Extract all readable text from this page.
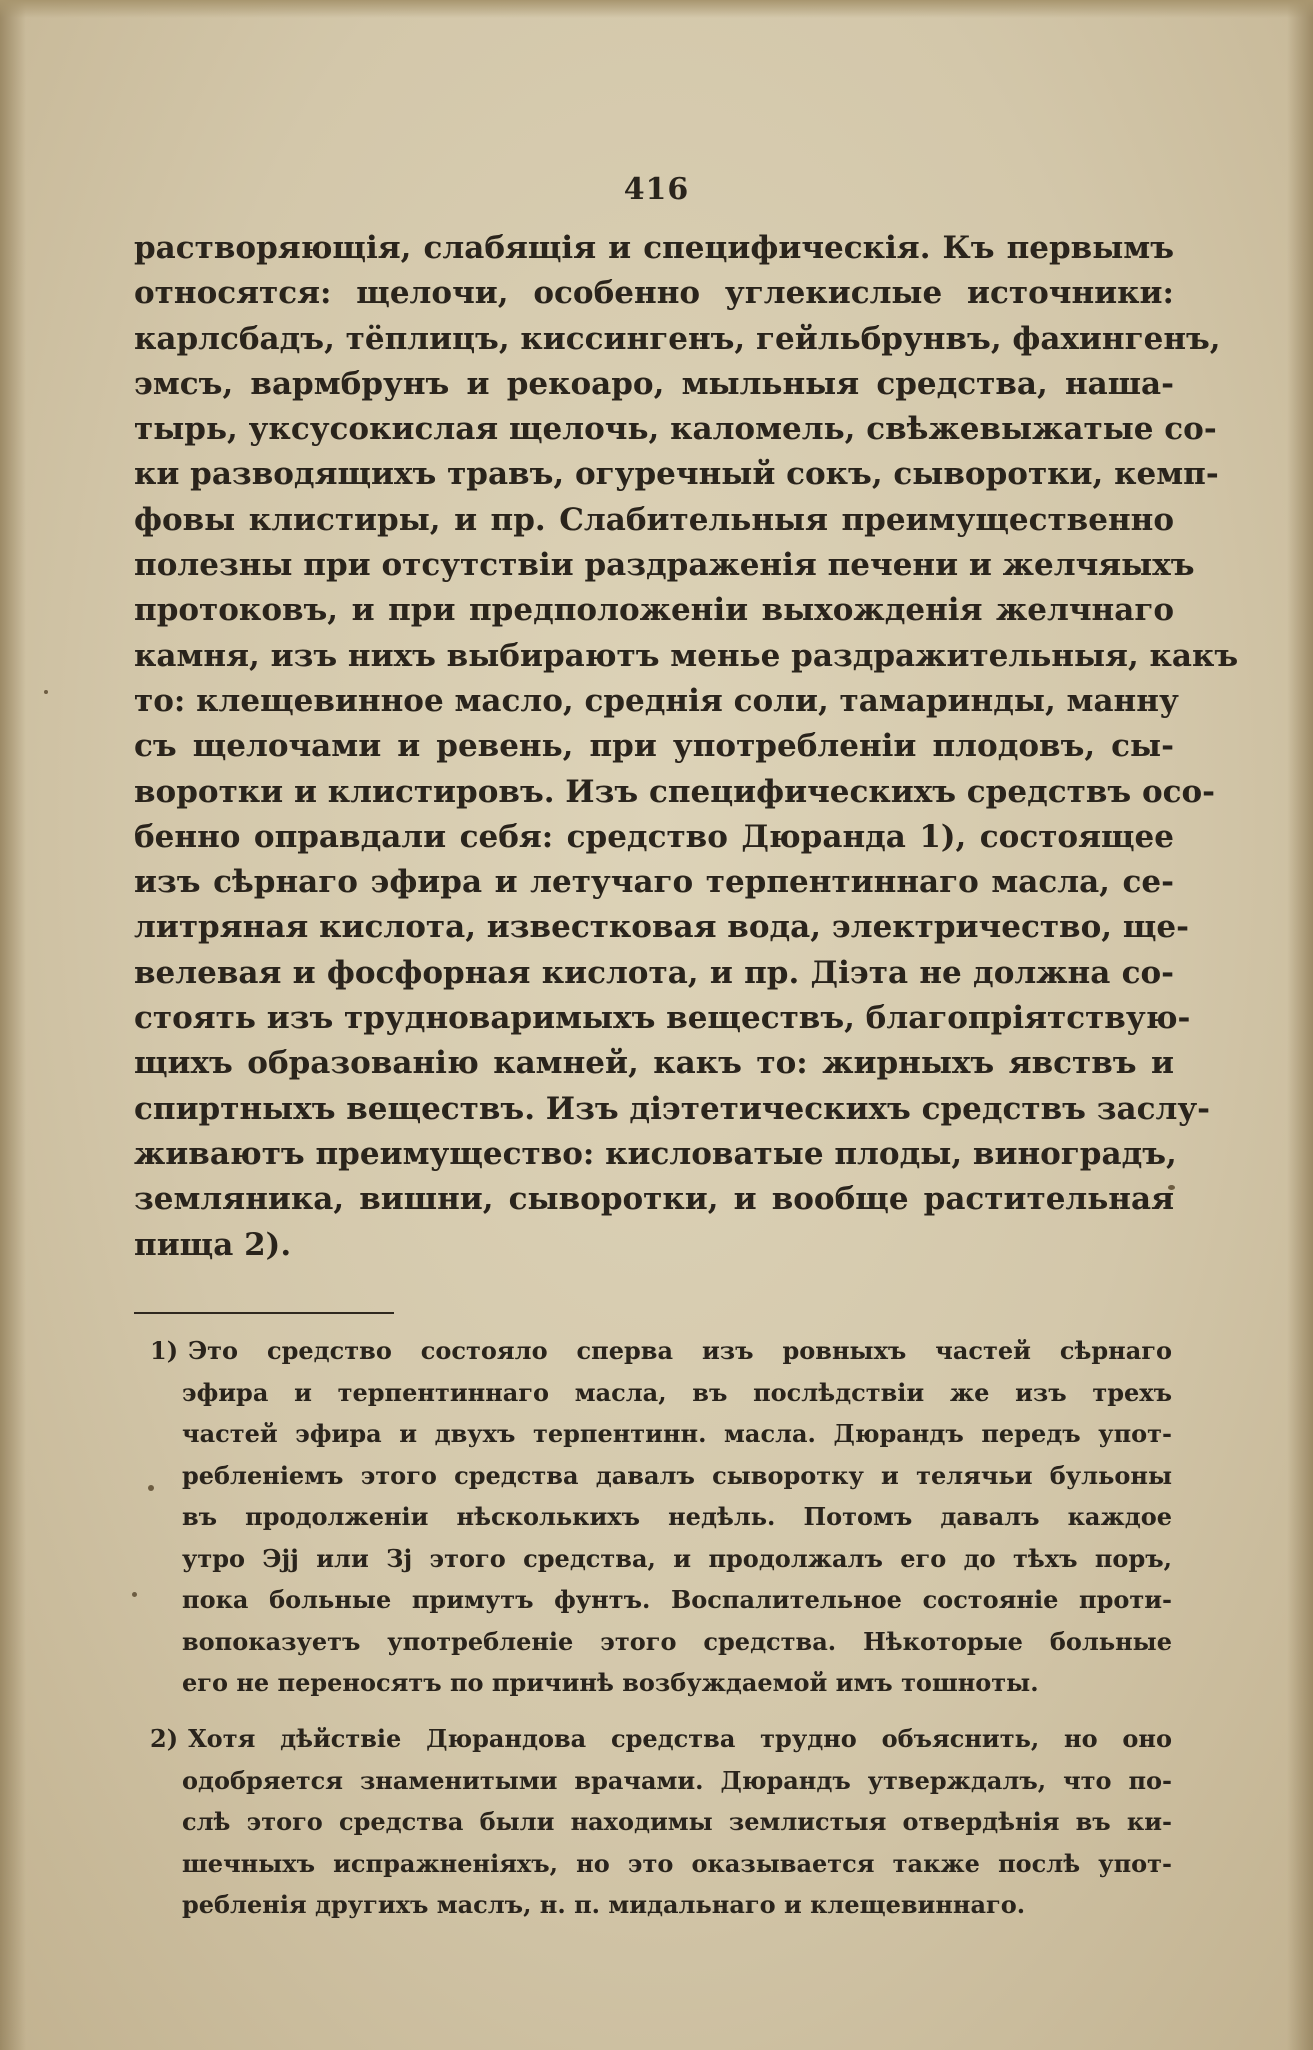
416
растворяющія, слабящія и специфическія. Къ первымъ
относятся: щелочи, особенно углекислые источники:
карлсбадъ, тёплицъ, киссингенъ, гейльбрунвъ, фахингенъ,
эмсъ, вармбрунъ и рекоаро, мыльныя средства, нашa-
тырь, уксусокислая щелочь, каломель, свѣжевыжатые со-
ки разводящихъ травъ, огуречный сокъ, сыворотки, кемп-
фовы клистиры, и пр. Слабительныя преимущественно
полезны при отсутствіи раздраженія печени и желчяыхъ
протоковъ, и при предположеніи выхожденія желчнаго
камня, изъ нихъ выбираютъ менье раздражительныя, какъ
то: клещевинное масло, среднія соли, тамаринды, манну
съ щелочами и ревень, при употребленіи плодовъ, сы-
воротки и клистировъ. Изъ специфическихъ средствъ осо-
бенно оправдали себя: средство Дюранда 1), состоящее
изъ сѣрнаго эфира и летучаго терпентиннаго масла, се-
литряная кислота, известковая вода, электричество, ще-
велевая и фосфорная кислота, и пр. Діэта не должна со-
стоять изъ трудноваримыхъ веществъ, благопріятствую-
щихъ образованію камней, какъ то: жирныхъ явствъ и
спиртныхъ веществъ. Изъ діэтетическихъ средствъ заслу-
живаютъ преимущество: кисловатые плоды, виноградъ,
земляника, вишни, сыворотки, и вообще растительная
пища 2).
1) Это средство состояло сперва изъ ровныхъ частей сѣрнаго
эфира и терпентиннаго масла, въ послѣдствіи же изъ трехъ
частей эфира и двухъ терпентинн. масла. Дюрандъ передъ упот-
ребленіемъ этого средства давалъ сыворотку и телячьи бульоны
въ продолженіи нѣсколькихъ недѣль. Потомъ давалъ каждое
утро Эjj или Зj этого средства, и продолжалъ его до тѣхъ поръ,
пока больные примутъ фунтъ. Воспалительное состояніе проти-
вопоказуетъ употребленіе этого средства. Нѣкоторые больные
его не переносятъ по причинѣ возбуждаемой имъ тошноты.
2) Хотя дѣйствіе Дюрандова средства трудно объяснить, но оно
одобряется знаменитыми врачами. Дюрандъ утверждалъ, что по-
слѣ этого средства были находимы землистыя отвердѣнія въ ки-
шечныхъ испражненіяхъ, но это оказывается также послѣ упот-
ребленія другихъ маслъ, н. п. мидальнаго и клещевиннаго.
